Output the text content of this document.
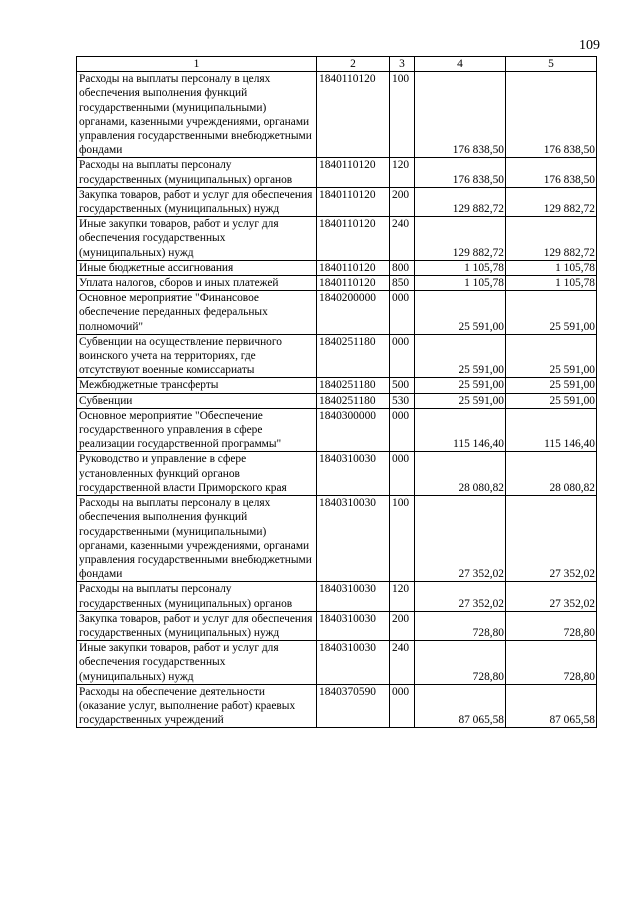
109
1	2	3	4	5
Расходы на выплаты персоналу в целях обеспечения выполнения функций государственными (муниципальными) органами, казенными учреждениями, органами управления государственными внебюджетными фондами	1840110120	100	176 838,50	176 838,50
Расходы на выплаты персоналу государственных (муниципальных) органов	1840110120	120	176 838,50	176 838,50
Закупка товаров, работ и услуг для обеспечения государственных (муниципальных) нужд	1840110120	200	129 882,72	129 882,72
Иные закупки товаров, работ и услуг для обеспечения государственных (муниципальных) нужд	1840110120	240	129 882,72	129 882,72
Иные бюджетные ассигнования	1840110120	800	1 105,78	1 105,78
Уплата налогов, сборов и иных платежей	1840110120	850	1 105,78	1 105,78
Основное мероприятие "Финансовое обеспечение переданных федеральных полномочий"	1840200000	000	25 591,00	25 591,00
Субвенции на осуществление первичного воинского учета на территориях, где отсутствуют военные комиссариаты	1840251180	000	25 591,00	25 591,00
Межбюджетные трансферты	1840251180	500	25 591,00	25 591,00
Субвенции	1840251180	530	25 591,00	25 591,00
Основное мероприятие "Обеспечение государственного управления в сфере реализации государственной программы"	1840300000	000	115 146,40	115 146,40
Руководство и управление в сфере установленных функций органов государственной власти Приморского края	1840310030	000	28 080,82	28 080,82
Расходы на выплаты персоналу в целях обеспечения выполнения функций государственными (муниципальными) органами, казенными учреждениями, органами управления государственными внебюджетными фондами	1840310030	100	27 352,02	27 352,02
Расходы на выплаты персоналу государственных (муниципальных) органов	1840310030	120	27 352,02	27 352,02
Закупка товаров, работ и услуг для обеспечения государственных (муниципальных) нужд	1840310030	200	728,80	728,80
Иные закупки товаров, работ и услуг для обеспечения государственных (муниципальных) нужд	1840310030	240	728,80	728,80
Расходы на обеспечение деятельности (оказание услуг, выполнение работ) краевых государственных учреждений	1840370590	000	87 065,58	87 065,58
